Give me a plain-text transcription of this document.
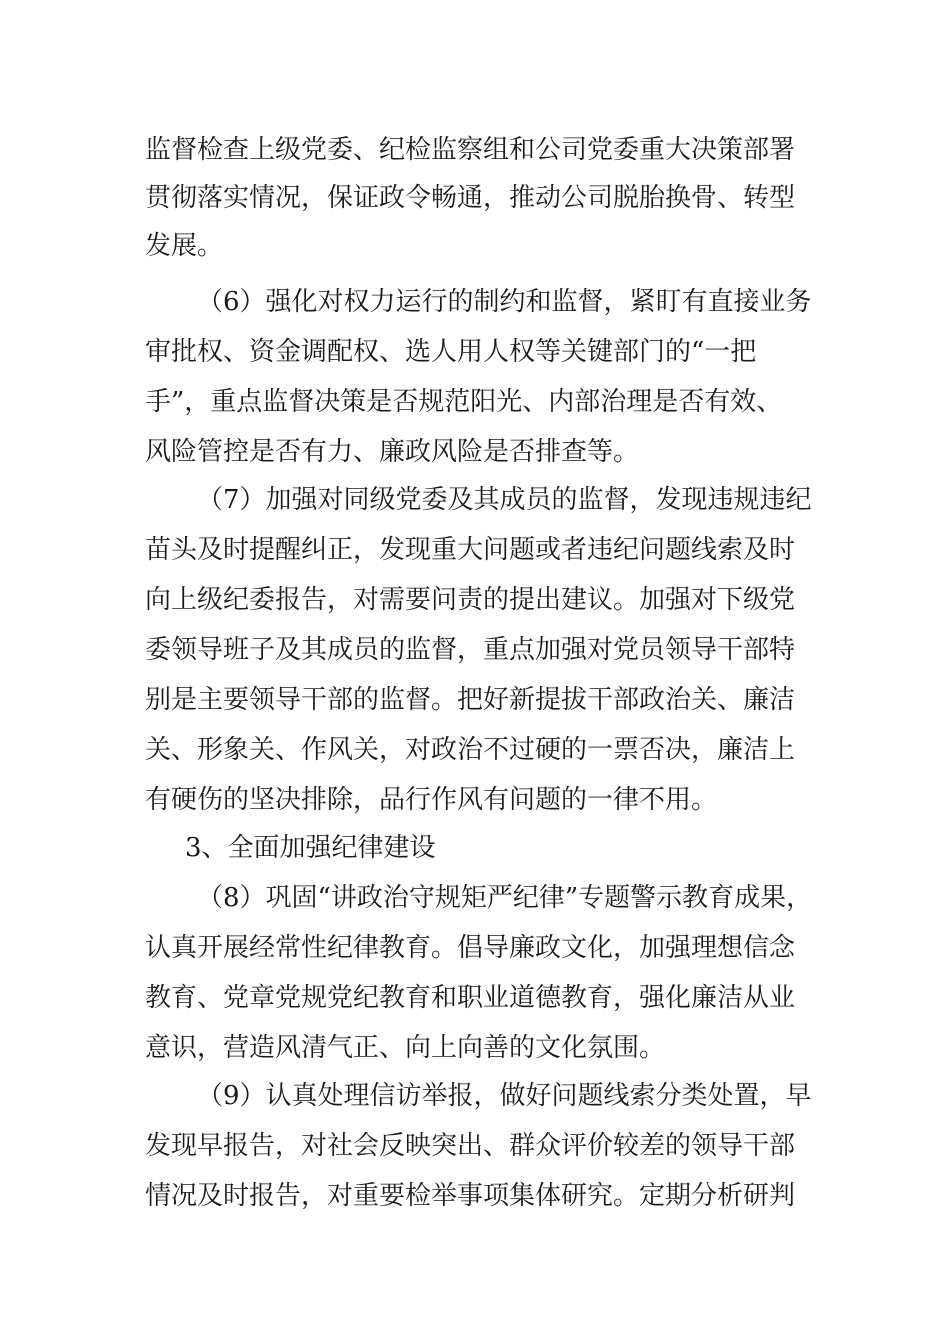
监督检查上级党委、纪检监察组和公司党委重大决策部署
贯彻落实情况，保证政令畅通，推动公司脱胎换骨、转型
发展。
（6）强化对权力运行的制约和监督，紧盯有直接业务
审批权、资金调配权、选人用人权等关键部门的“一把
手”，重点监督决策是否规范阳光、内部治理是否有效、
风险管控是否有力、廉政风险是否排查等。
（7）加强对同级党委及其成员的监督，发现违规违纪
苗头及时提醒纠正，发现重大问题或者违纪问题线索及时
向上级纪委报告，对需要问责的提出建议。加强对下级党
委领导班子及其成员的监督，重点加强对党员领导干部特
别是主要领导干部的监督。把好新提拔干部政治关、廉洁
关、形象关、作风关，对政治不过硬的一票否决，廉洁上
有硬伤的坚决排除，品行作风有问题的一律不用。
3、全面加强纪律建设
（8）巩固“讲政治守规矩严纪律”专题警示教育成果，
认真开展经常性纪律教育。倡导廉政文化，加强理想信念
教育、党章党规党纪教育和职业道德教育，强化廉洁从业
意识，营造风清气正、向上向善的文化氛围。
（9）认真处理信访举报，做好问题线索分类处置，早
发现早报告，对社会反映突出、群众评价较差的领导干部
情况及时报告，对重要检举事项集体研究。定期分析研判
